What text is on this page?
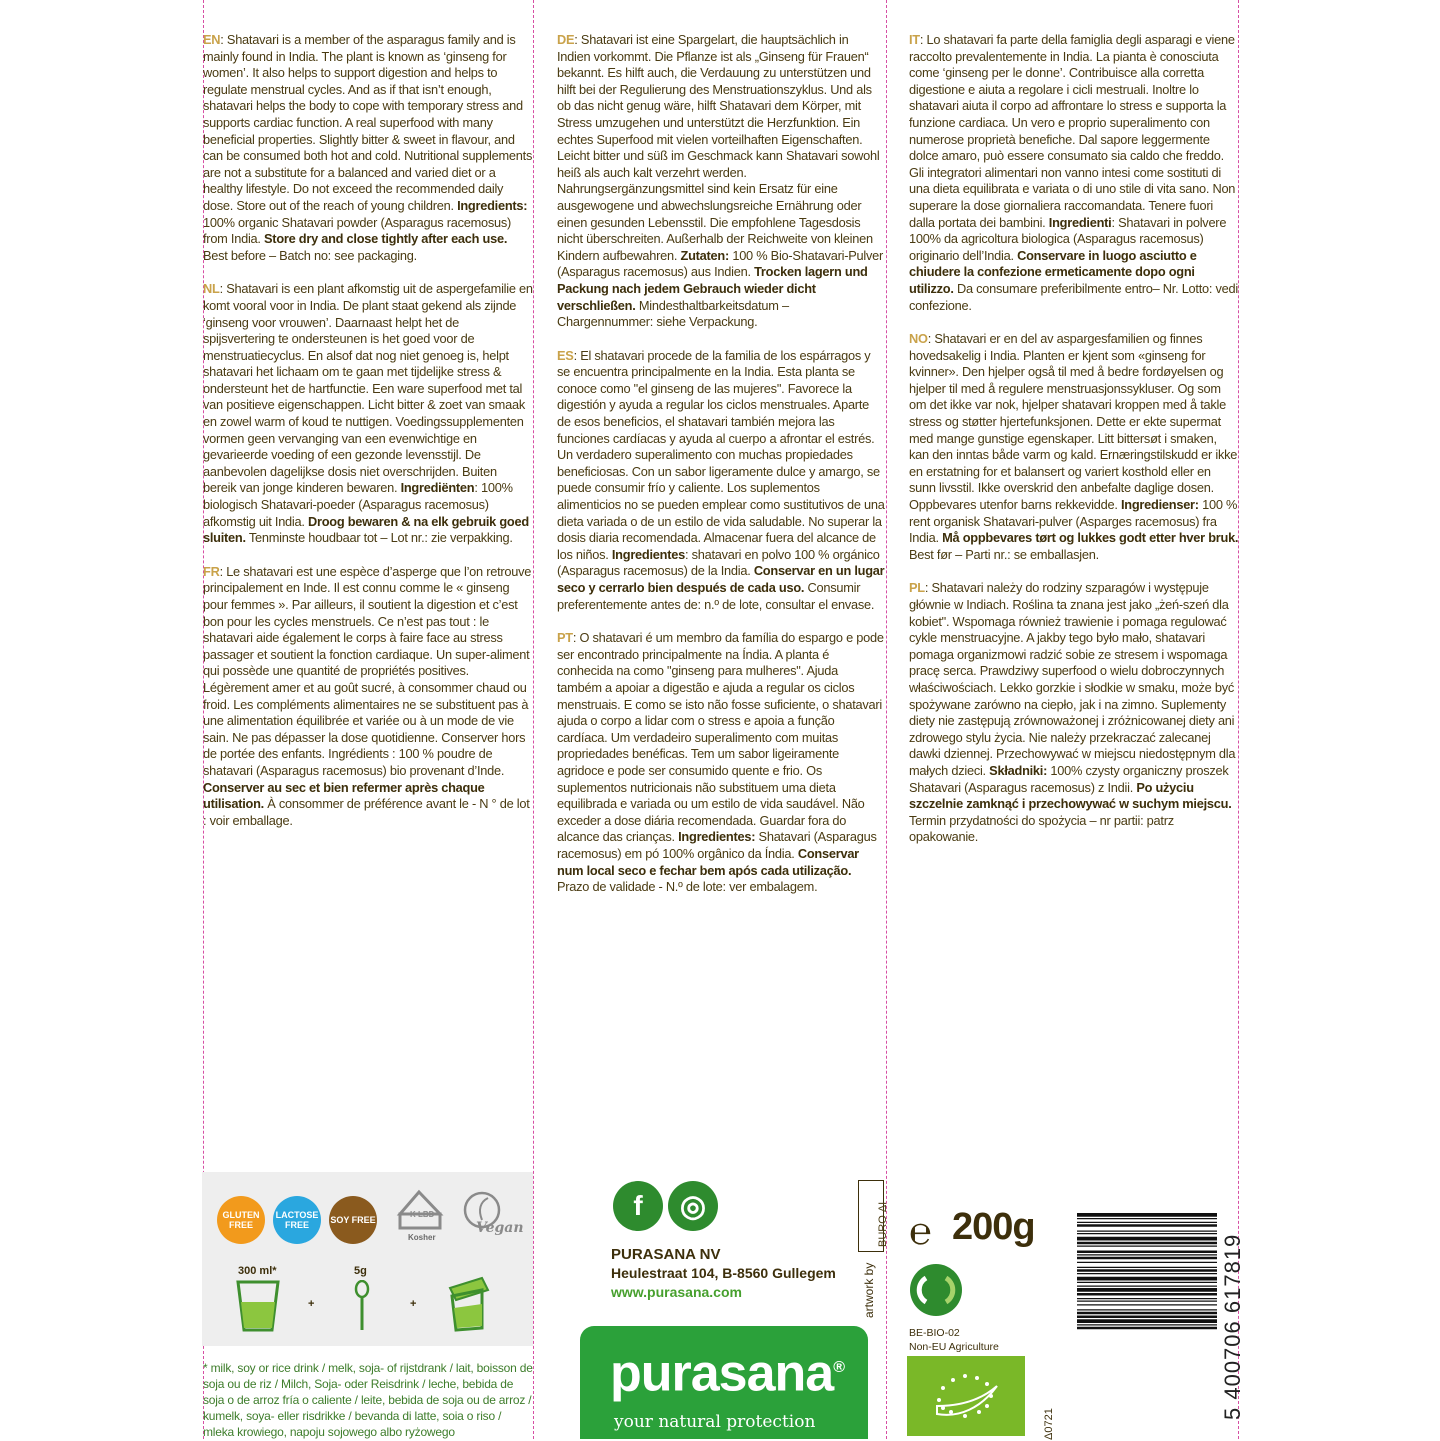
EN: Shatavari is a member of the asparagus family and is mainly found in India. The plant is known as ‘ginseng for women’. It also helps to support digestion and helps to regulate menstrual cycles. And as if that isn’t enough, shatavari helps the body to cope with temporary stress and supports cardiac function. A real superfood with many beneficial properties. Slightly bitter & sweet in flavour, and can be consumed both hot and cold. Nutritional supplements are not a substitute for a balanced and varied diet or a healthy lifestyle. Do not exceed the recommended daily dose. Store out of the reach of young children. Ingredients: 100% organic Shatavari powder (Asparagus racemosus) from India. Store dry and close tightly after each use. Best before – Batch no: see packaging.

NL: Shatavari is een plant afkomstig uit de aspergefamilie en komt vooral voor in India. De plant staat gekend als zijnde ‘ginseng voor vrouwen’. Daarnaast helpt het de spijsvertering te ondersteunen is het goed voor de menstruatiecyclus. En alsof dat nog niet genoeg is, helpt shatavari het lichaam om te gaan met tijdelijke stress & ondersteunt het de hartfunctie. Een ware superfood met tal van positieve eigenschappen. Licht bitter & zoet van smaak en zowel warm of koud te nuttigen. Voedingssupplementen vormen geen vervanging van een evenwichtige en gevarieerde voeding of een gezonde levensstijl. De aanbevolen dagelijkse dosis niet overschrijden. Buiten bereik van jonge kinderen bewaren. Ingrediënten: 100% biologisch Shatavari-poeder (Asparagus racemosus) afkomstig uit India. Droog bewaren & na elk gebruik goed sluiten. Tenminste houdbaar tot – Lot nr.: zie verpakking.

FR: Le shatavari est une espèce d’asperge que l’on retrouve principalement en Inde. Il est connu comme le « ginseng pour femmes ». Par ailleurs, il soutient la digestion et c’est bon pour les cycles menstruels. Ce n’est pas tout : le shatavari aide également le corps à faire face au stress passager et soutient la fonction cardiaque. Un super-aliment qui possède une quantité de propriétés positives. Légèrement amer et au goût sucré, à consommer chaud ou froid. Les compléments alimentaires ne se substituent pas à une alimentation équilibrée et variée ou à un mode de vie sain. Ne pas dépasser la dose quotidienne. Conserver hors de portée des enfants. Ingrédients : 100 % poudre de shatavari (Asparagus racemosus) bio provenant d’Inde. Conserver au sec et bien refermer après chaque utilisation. À consommer de préférence avant le - N ° de lot : voir emballage.

DE: Shatavari ist eine Spargelart, die hauptsächlich in Indien vorkommt. Die Pflanze ist als „Ginseng für Frauen“ bekannt. Es hilft auch, die Verdauung zu unterstützen und hilft bei der Regulierung des Menstruationszyklus. Und als ob das nicht genug wäre, hilft Shatavari dem Körper, mit Stress umzugehen und unterstützt die Herzfunktion. Ein echtes Superfood mit vielen vorteilhaften Eigenschaften. Leicht bitter und süß im Geschmack kann Shatavari sowohl heiß als auch kalt verzehrt werden. Nahrungsergänzungsmittel sind kein Ersatz für eine ausgewogene und abwechslungsreiche Ernährung oder einen gesunden Lebensstil. Die empfohlene Tagesdosis nicht überschreiten. Außerhalb der Reichweite von kleinen Kindern aufbewahren. Zutaten: 100 % Bio-Shatavari-Pulver (Asparagus racemosus) aus Indien. Trocken lagern und Packung nach jedem Gebrauch wieder dicht verschließen. Mindesthaltbarkeitsdatum – Chargennummer: siehe Verpackung.

ES: El shatavari procede de la familia de los espárragos y se encuentra principalmente en la India. Esta planta se conoce como "el ginseng de las mujeres". Favorece la digestión y ayuda a regular los ciclos menstruales. Aparte de esos beneficios, el shatavari también mejora las funciones cardíacas y ayuda al cuerpo a afrontar el estrés. Un verdadero superalimento con muchas propiedades beneficiosas. Con un sabor ligeramente dulce y amargo, se puede consumir frío y caliente. Los suplementos alimenticios no se pueden emplear como sustitutivos de una dieta variada o de un estilo de vida saludable. No superar la dosis diaria recomendada. Almacenar fuera del alcance de los niños. Ingredientes: shatavari en polvo 100 % orgánico (Asparagus racemosus) de la India. Conservar en un lugar seco y cerrarlo bien después de cada uso. Consumir preferentemente antes de: n.º de lote, consultar el envase.

PT: O shatavari é um membro da família do espargo e pode ser encontrado principalmente na Índia. A planta é conhecida na como "ginseng para mulheres". Ajuda também a apoiar a digestão e ajuda a regular os ciclos menstruais. E como se isto não fosse suficiente, o shatavari ajuda o corpo a lidar com o stress e apoia a função cardíaca. Um verdadeiro superalimento com muitas propriedades benéficas. Tem um sabor ligeiramente agridoce e pode ser consumido quente e frio. Os suplementos nutricionais não substituem uma dieta equilibrada e variada ou um estilo de vida saudável. Não exceder a dose diária recomendada. Guardar fora do alcance das crianças. Ingredientes: Shatavari (Asparagus racemosus) em pó 100% orgânico da Índia. Conservar num local seco e fechar bem após cada utilização. Prazo de validade - N.º de lote: ver embalagem.

IT: Lo shatavari fa parte della famiglia degli asparagi e viene raccolto prevalentemente in India. La pianta è conosciuta come ‘ginseng per le donne’. Contribuisce alla corretta digestione e aiuta a regolare i cicli mestruali. Inoltre lo shatavari aiuta il corpo ad affrontare lo stress e supporta la funzione cardiaca. Un vero e proprio superalimento con numerose proprietà benefiche. Dal sapore leggermente dolce amaro, può essere consumato sia caldo che freddo. Gli integratori alimentari non vanno intesi come sostituti di una dieta equilibrata e variata o di uno stile di vita sano. Non superare la dose giornaliera raccomandata. Tenere fuori dalla portata dei bambini. Ingredienti: Shatavari in polvere 100% da agricoltura biologica (Asparagus racemosus) originario dell’India. Conservare in luogo asciutto e chiudere la confezione ermeticamente dopo ogni utilizzo. Da consumare preferibilmente entro– Nr. Lotto: vedi confezione.

NO: Shatavari er en del av aspargesfamilien og finnes hovedsakelig i India. Planten er kjent som «ginseng for kvinner». Den hjelper også til med å bedre fordøyelsen og hjelper til med å regulere menstruasjonssykluser. Og som om det ikke var nok, hjelper shatavari kroppen med å takle stress og støtter hjertefunksjonen. Dette er ekte supermat med mange gunstige egenskaper. Litt bittersøt i smaken, kan den inntas både varm og kald. Ernæringstilskudd er ikke en erstatning for et balansert og variert kosthold eller en sunn livsstil. Ikke overskrid den anbefalte daglige dosen. Oppbevares utenfor barns rekkevidde. Ingredienser: 100 % rent organisk Shatavari-pulver (Asparges racemosus) fra India. Må oppbevares tørt og lukkes godt etter hver bruk. Best før – Parti nr.: se emballasjen.

PL: Shatavari należy do rodziny szparagów i występuje głównie w Indiach. Roślina ta znana jest jako „żeń-szeń dla kobiet". Wspomaga również trawienie i pomaga regulować cykle menstruacyjne. A jakby tego było mało, shatavari pomaga organizmowi radzić sobie ze stresem i wspomaga pracę serca. Prawdziwy superfood o wielu dobroczynnych właściwościach. Lekko gorzkie i słodkie w smaku, może być spożywane zarówno na ciepło, jak i na zimno. Suplementy diety nie zastępują zrównoważonej i zróżnicowanej diety ani zdrowego stylu życia. Nie należy przekraczać zalecanej dawki dziennej. Przechowywać w miejscu niedostępnym dla małych dzieci. Składniki: 100% czysty organiczny proszek Shatavari (Asparagus racemosus) z Indii. Po użyciu szczelnie zamknąć i przechowywać w suchym miejscu. Termin przydatności do spożycia – nr partii: patrz opakowanie.

GLUTEN FREE
LACTOSE FREE	SOY FREE
K LBD
Kosher
Vegan
300 ml*
+
5g
+
* milk, soy or rice drink / melk, soja- of rijstdrank / lait, boisson de soja ou de riz / Milch, Soja- oder Reisdrink / leche, bebida de soja o de arroz fría o caliente / leite, bebida de soja ou de arroz / kumelk, soya- eller risdrikke / bevanda di latte, soia o riso / mleka krowiego, napoju sojowego albo ryżowego
f	◎
PURASANA NV
Heulestraat 104, B-8560 Gullegem
www.purasana.com
purasana®
your natural protection
BURO ΔI
artwork by
℮ 200g
BE-BIO-02
Non-EU Agriculture
Δ0721
5 400706 617819
